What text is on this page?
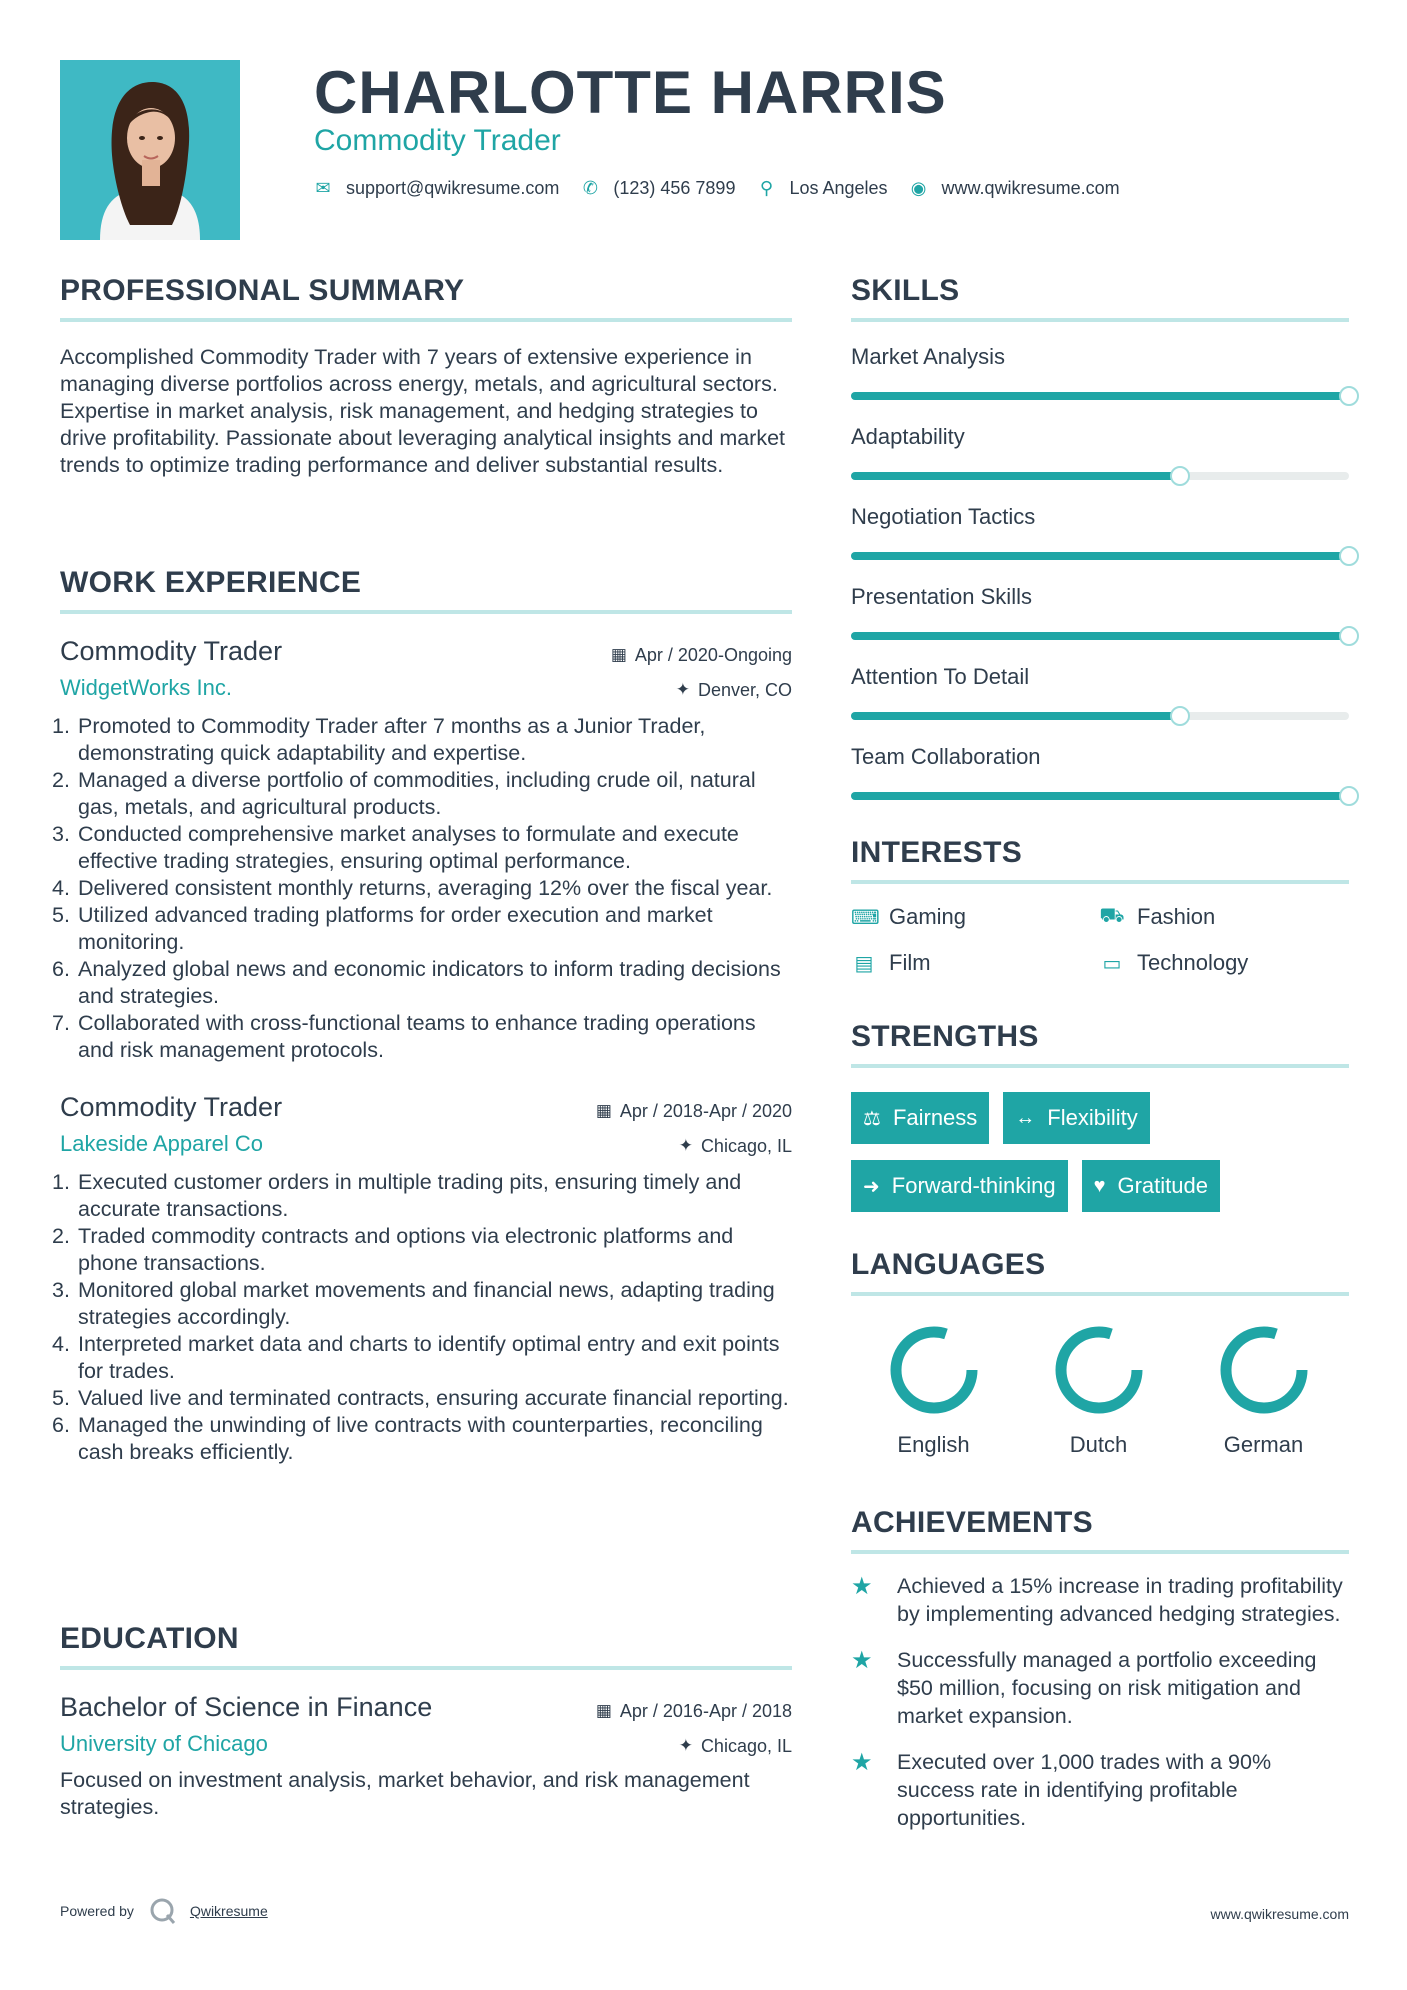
CHARLOTTE HARRIS
Commodity Trader
✉ support@qwikresume.com ✆ (123) 456 7899 ⚲ Los Angeles ◉ www.qwikresume.com
PROFESSIONAL SUMMARY
Accomplished Commodity Trader with 7 years of extensive experience in managing diverse portfolios across energy, metals, and agricultural sectors. Expertise in market analysis, risk management, and hedging strategies to drive profitability. Passionate about leveraging analytical insights and market trends to optimize trading performance and deliver substantial results.
WORK EXPERIENCE
Commodity Trader	▦ Apr / 2020-Ongoing
WidgetWorks Inc.	✦ Denver, CO
1. Promoted to Commodity Trader after 7 months as a Junior Trader, demonstrating quick adaptability and expertise.
2. Managed a diverse portfolio of commodities, including crude oil, natural gas, metals, and agricultural products.
3. Conducted comprehensive market analyses to formulate and execute effective trading strategies, ensuring optimal performance.
4. Delivered consistent monthly returns, averaging 12% over the fiscal year.
5. Utilized advanced trading platforms for order execution and market monitoring.
6. Analyzed global news and economic indicators to inform trading decisions and strategies.
7. Collaborated with cross-functional teams to enhance trading operations and risk management protocols.
Commodity Trader	▦ Apr / 2018-Apr / 2020
Lakeside Apparel Co	✦ Chicago, IL
1. Executed customer orders in multiple trading pits, ensuring timely and accurate transactions.
2. Traded commodity contracts and options via electronic platforms and phone transactions.
3. Monitored global market movements and financial news, adapting trading strategies accordingly.
4. Interpreted market data and charts to identify optimal entry and exit points for trades.
5. Valued live and terminated contracts, ensuring accurate financial reporting.
6. Managed the unwinding of live contracts with counterparties, reconciling cash breaks efficiently.
EDUCATION
Bachelor of Science in Finance	▦ Apr / 2016-Apr / 2018
University of Chicago	✦ Chicago, IL
Focused on investment analysis, market behavior, and risk management strategies.
SKILLS
Market Analysis
Adaptability
Negotiation Tactics
Presentation Skills
Attention To Detail
Team Collaboration
INTERESTS
⌨ Gaming	⛟ Fashion
▤ Film	▭ Technology
STRENGTHS
⚖ Fairness ↔ Flexibility
➜ Forward-thinking ♥ Gratitude
LANGUAGES
English	Dutch	German
ACHIEVEMENTS
★	Achieved a 15% increase in trading profitability by implementing advanced hedging strategies.
★	Successfully managed a portfolio exceeding $50 million, focusing on risk mitigation and market expansion.
★	Executed over 1,000 trades with a 90% success rate in identifying profitable opportunities.
Powered by	Qwikresume	www.qwikresume.com
